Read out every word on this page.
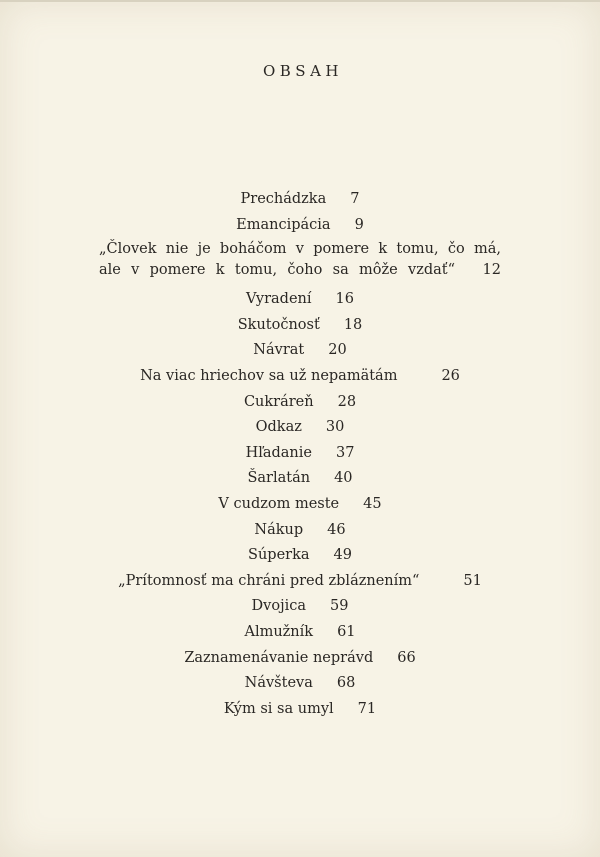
OBSAH
Prechádzka 7
Emancipácia 9
„Človek nie je boháčom v pomere k tomu, čo má,
ale v pomere k tomu, čoho sa môže vzdať“ 12
Vyradení 16
Skutočnosť 18
Návrat 20
Na viac hriechov sa už nepamätám	26
Cukráreň 28
Odkaz 30
Hľadanie 37
Šarlatán 40
V cudzom meste 45
Nákup 46
Súperka 49
„Prítomnosť ma chráni pred zbláznením“	51
Dvojica 59
Almužník 61
Zaznamenávanie neprávd 66
Návšteva 68
Kým si sa umyl 71
